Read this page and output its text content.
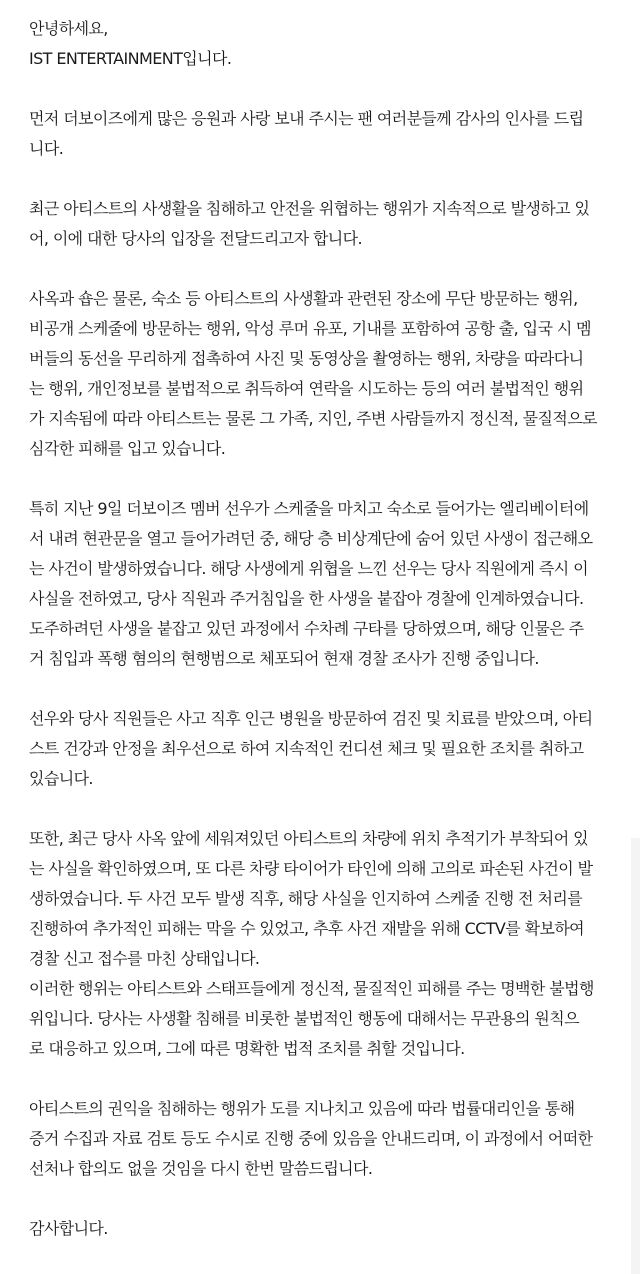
안녕하세요,
IST ENTERTAINMENT입니다.

먼저 더보이즈에게 많은 응원과 사랑 보내 주시는 팬 여러분들께 감사의 인사를 드립
니다.

최근 아티스트의 사생활을 침해하고 안전을 위협하는 행위가 지속적으로 발생하고 있
어, 이에 대한 당사의 입장을 전달드리고자 합니다.

사옥과 숍은 물론, 숙소 등 아티스트의 사생활과 관련된 장소에 무단 방문하는 행위,
비공개 스케줄에 방문하는 행위, 악성 루머 유포, 기내를 포함하여 공항 출, 입국 시 멤
버들의 동선을 무리하게 접촉하여 사진 및 동영상을 촬영하는 행위, 차량을 따라다니
는 행위, 개인정보를 불법적으로 취득하여 연락을 시도하는 등의 여러 불법적인 행위
가 지속됨에 따라 아티스트는 물론 그 가족, 지인, 주변 사람들까지 정신적, 물질적으로
심각한 피해를 입고 있습니다.

특히 지난 9일 더보이즈 멤버 선우가 스케줄을 마치고 숙소로 들어가는 엘리베이터에
서 내려 현관문을 열고 들어가려던 중, 해당 층 비상계단에 숨어 있던 사생이 접근해오
는 사건이 발생하였습니다. 해당 사생에게 위협을 느낀 선우는 당사 직원에게 즉시 이
사실을 전하였고, 당사 직원과 주거침입을 한 사생을 붙잡아 경찰에 인계하였습니다.
도주하려던 사생을 붙잡고 있던 과정에서 수차례 구타를 당하였으며, 해당 인물은 주
거 침입과 폭행 혐의의 현행범으로 체포되어 현재 경찰 조사가 진행 중입니다.

선우와 당사 직원들은 사고 직후 인근 병원을 방문하여 검진 및 치료를 받았으며, 아티
스트 건강과 안정을 최우선으로 하여 지속적인 컨디션 체크 및 필요한 조치를 취하고
있습니다.

또한, 최근 당사 사옥 앞에 세워져있던 아티스트의 차량에 위치 추적기가 부착되어 있
는 사실을 확인하였으며, 또 다른 차량 타이어가 타인에 의해 고의로 파손된 사건이 발
생하였습니다. 두 사건 모두 발생 직후, 해당 사실을 인지하여 스케줄 진행 전 처리를
진행하여 추가적인 피해는 막을 수 있었고, 추후 사건 재발을 위해 CCTV를 확보하여
경찰 신고 접수를 마친 상태입니다.
이러한 행위는 아티스트와 스태프들에게 정신적, 물질적인 피해를 주는 명백한 불법행
위입니다. 당사는 사생활 침해를 비롯한 불법적인 행동에 대해서는 무관용의 원칙으
로 대응하고 있으며, 그에 따른 명확한 법적 조치를 취할 것입니다.

아티스트의 권익을 침해하는 행위가 도를 지나치고 있음에 따라 법률대리인을 통해
증거 수집과 자료 검토 등도 수시로 진행 중에 있음을 안내드리며, 이 과정에서 어떠한
선처나 합의도 없을 것임을 다시 한번 말씀드립니다.

감사합니다.
